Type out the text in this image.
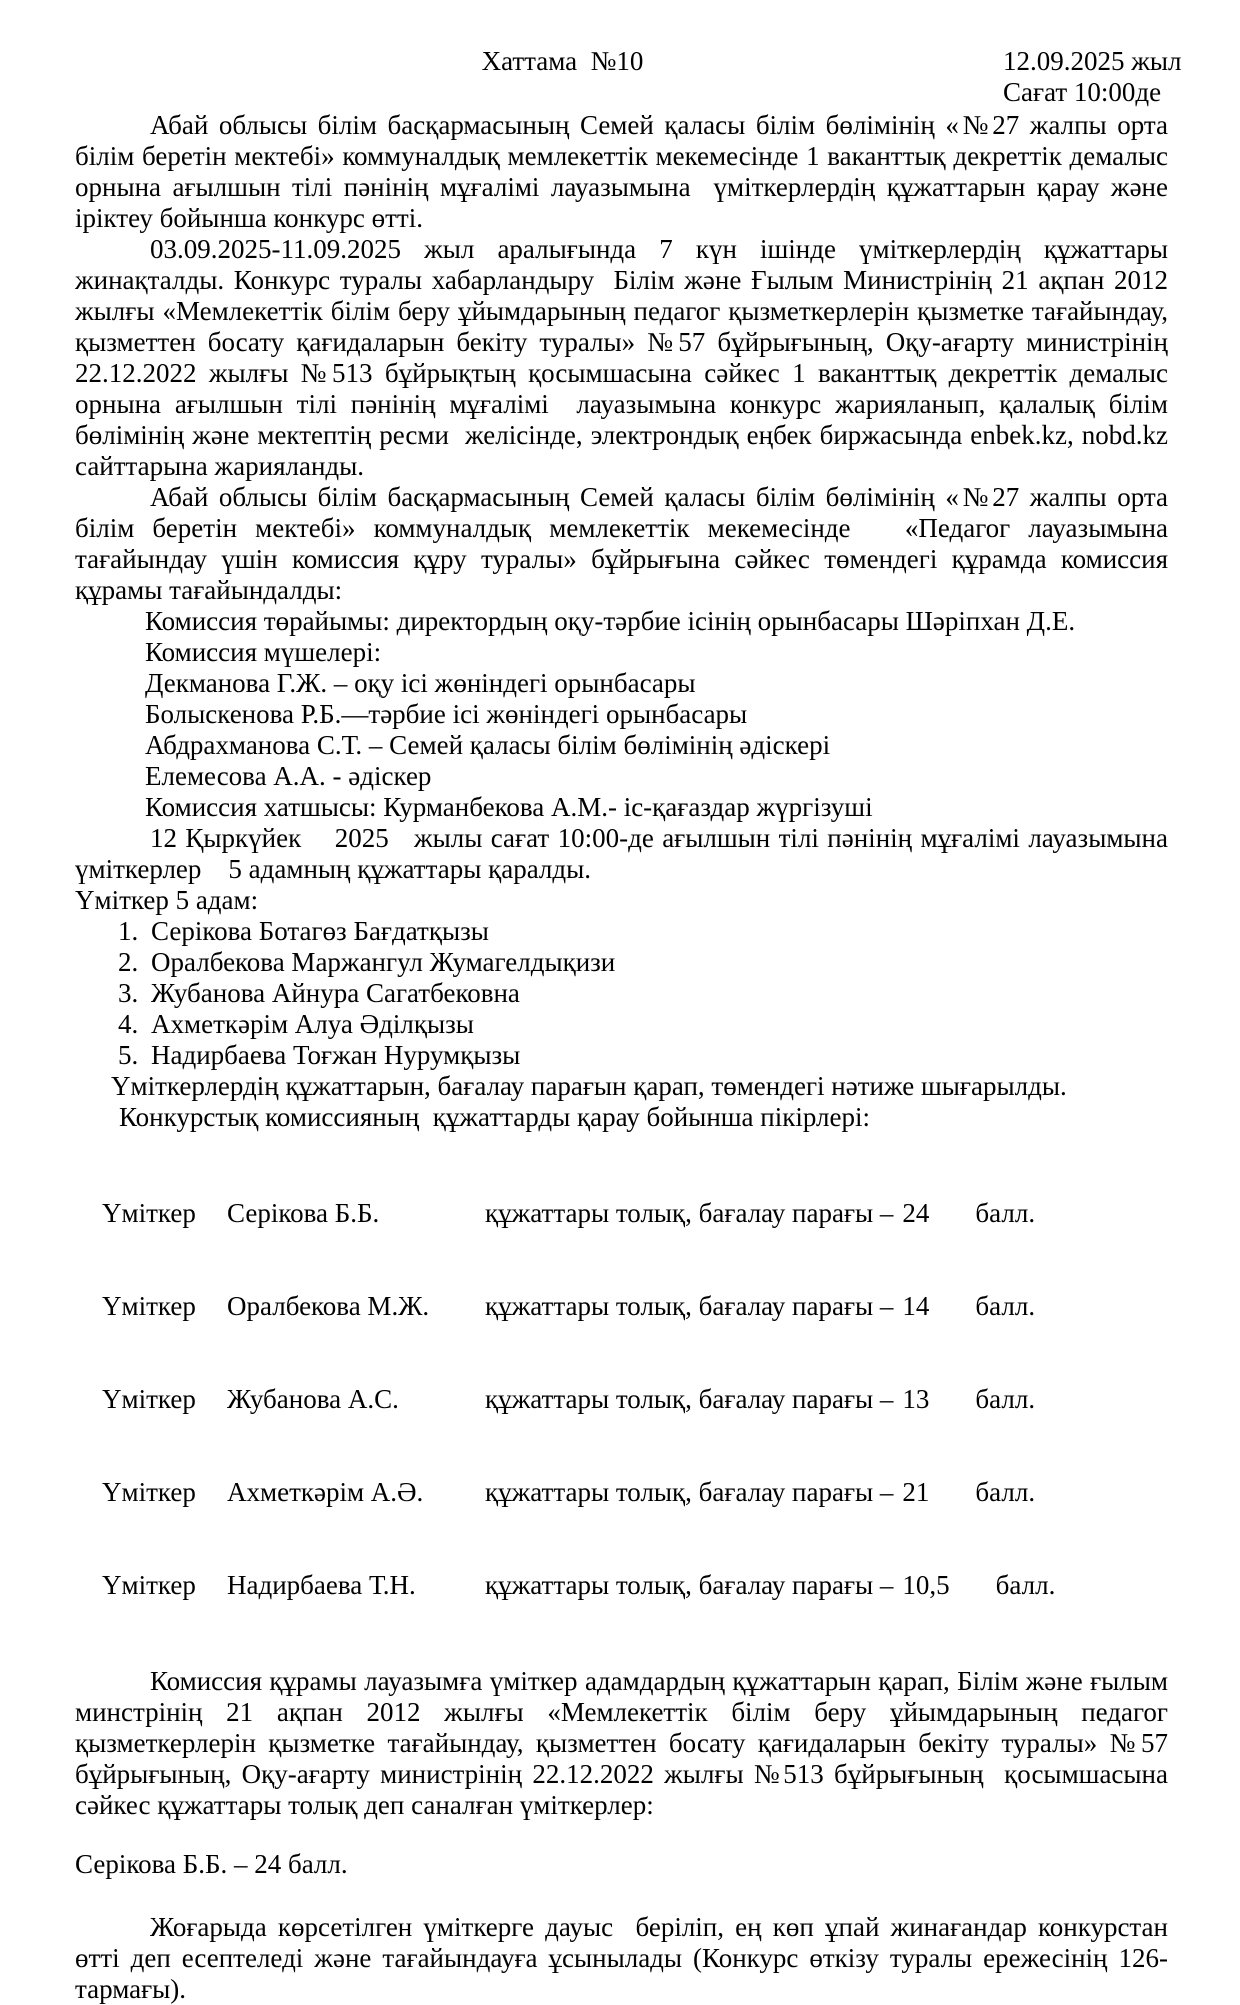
Хаттама  №10	12.09.2025 жыл
Сағат 10:00де

Абай облысы білім басқармасының Семей қаласы білім бөлімінің «№27 жалпы орта білім беретін мектебі» коммуналдық мемлекеттік мекемесінде 1 ваканттық декреттік демалыс орнына ағылшын тілі пәнінің мұғалімі лауазымына  үміткерлердің құжаттарын қарау және іріктеу бойынша конкурс өтті.

03.09.2025-11.09.2025  жыл  аралығында  7  күн  ішінде  үміткерлердің  құжаттары жинақталды. Конкурс туралы хабарландыру  Білім және Ғылым Министрінің 21 ақпан 2012 жылғы «Мемлекеттік білім беру ұйымдарының педагог қызметкерлерін қызметке тағайындау, қызметтен босату қағидаларын бекіту туралы» №57 бұйрығының, Оқу-ағарту министрінің 22.12.2022 жылғы №513 бұйрықтың қосымшасына сәйкес 1 ваканттық декреттік демалыс орнына ағылшын тілі пәнінің мұғалімі  лауазымына конкурс жарияланып, қалалық білім бөлімінің және мектептің ресми  желісінде, электрондық еңбек биржасында enbek.kz, nobd.kz сайттарына жарияланды.

Абай облысы білім басқармасының Семей қаласы білім бөлімінің «№27 жалпы орта білім беретін мектебі» коммуналдық мемлекеттік мекемесінде   «Педагог лауазымына тағайындау үшін комиссия құру туралы» бұйрығына сәйкес төмендегі құрамда комиссия құрамы тағайындалды:

Комиссия төрайымы: директордың оқу-тәрбие ісінің орынбасары Шәріпхан Д.Е.
Комиссия мүшелері:
Декманова Г.Ж. – оқу ісі жөніндегі орынбасары
Болыскенова Р.Б.—тәрбие ісі жөніндегі орынбасары
Абдрахманова С.Т. – Семей қаласы білім бөлімінің әдіскері
Елемесова А.А. - әдіскер
Комиссия хатшысы: Курманбекова А.М.- іс-қағаздар жүргізуші

12 Қыркүйек    2025   жылы сағат 10:00-де ағылшын тілі пәнінің мұғалімі лауазымына үміткерлер    5 адамның құжаттары қаралды.

Үміткер 5 адам:
1. Серікова Ботагөз Бағдатқызы
2. Оралбекова Маржангул Жумагелдықизи
3. Жубанова Айнура Сагатбековна
4. Ахметкәрім Алуа Әділқызы
5. Надирбаева Тоғжан Нурумқызы
Үміткерлердің құжаттарын, бағалау парағын қарап, төмендегі нәтиже шығарылды.
Конкурстық комиссияның  құжаттарды қарау бойынша пікірлері:

Үміткер Серікова Б.Б.	құжаттары толық, бағалау парағы – 24 балл.

Үміткер Оралбекова М.Ж. құжаттары толық, бағалау парағы – 14 балл.

Үміткер Жубанова А.С.	құжаттары толық, бағалау парағы – 13 балл.

Үміткер Ахметкәрім А.Ә. құжаттары толық, бағалау парағы – 21 балл.

Үміткер Надирбаева Т.Н.	құжаттары толық, бағалау парағы – 10,5 балл.

Комиссия құрамы лауазымға үміткер адамдардың құжаттарын қарап, Білім және ғылым минстрінің 21 ақпан 2012 жылғы «Мемлекеттік білім беру ұйымдарының педагог қызметкерлерін қызметке тағайындау, қызметтен босату қағидаларын бекіту туралы» №57 бұйрығының, Оқу-ағарту министрінің 22.12.2022 жылғы №513 бұйрығының  қосымшасына сәйкес құжаттары толық деп саналған үміткерлер:

Серікова Б.Б. – 24 балл.

Жоғарыда көрсетілген үміткерге дауыс  беріліп, ең көп ұпай жинағандар конкурстан өтті деп есептеледі және тағайындауға ұсынылады (Конкурс өткізу туралы ережесінің 126-тармағы).
